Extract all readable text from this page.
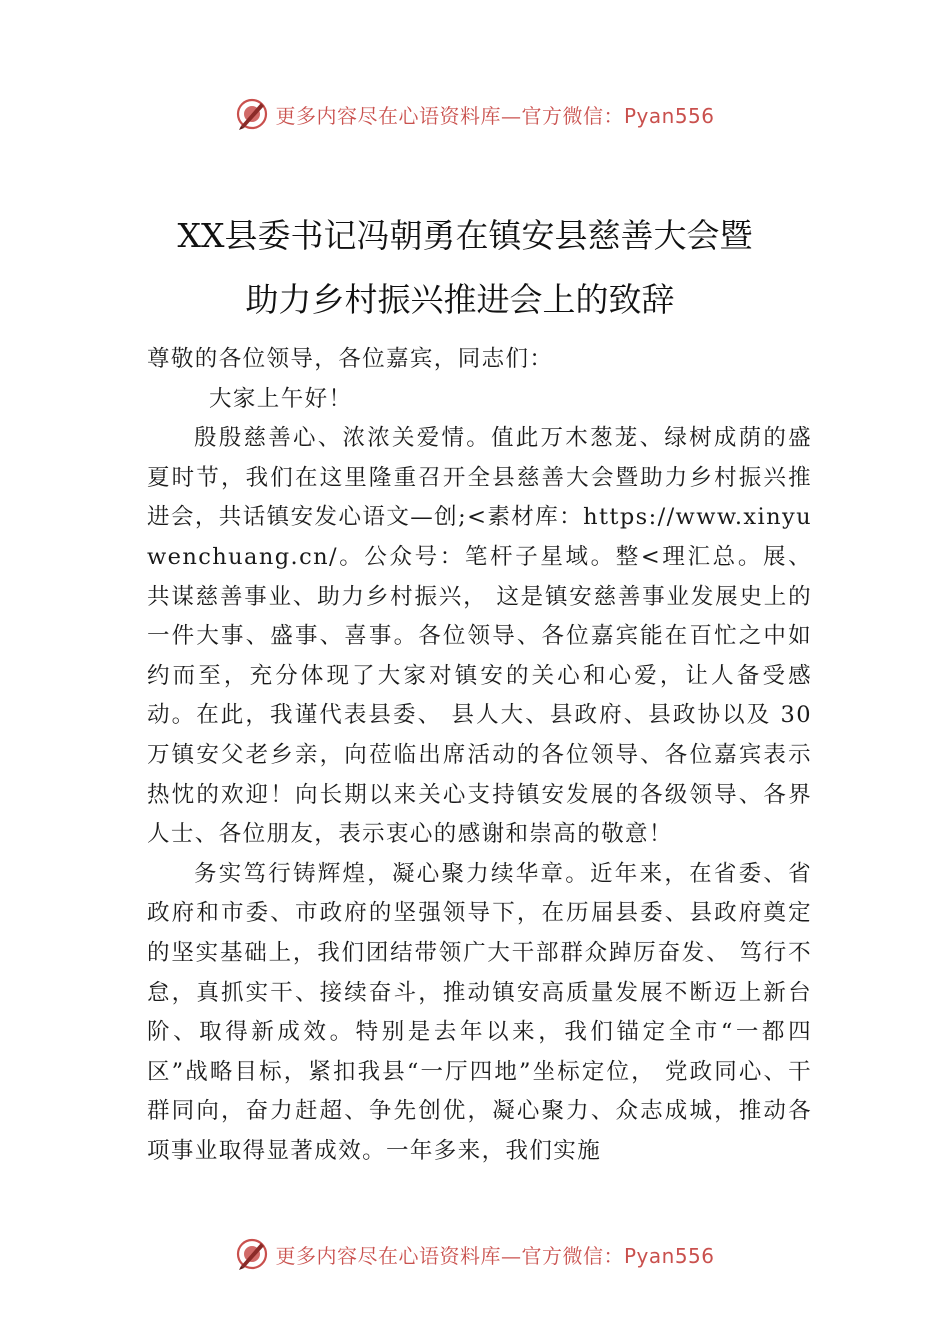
更多内容尽在心语资料库—官方微信：Pyan556
XX县委书记冯朝勇在镇安县慈善大会暨
助力乡村振兴推进会上的致辞

尊敬的各位领导，各位嘉宾，同志们：

大家上午好！

殷殷慈善心、浓浓关爱情。值此万木葱茏、绿树成荫的盛夏时节，我们在这里隆重召开全县慈善大会暨助力乡村振兴推进会，共话镇安发心语文—创;<素材库：https://www.xinyuwenchuang.cn/。公众号：笔杆子星域。整<理汇总。展、共谋慈善事业、助力乡村振兴， 这是镇安慈善事业发展史上的一件大事、盛事、喜事。各位领导、各位嘉宾能在百忙之中如约而至，充分体现了大家对镇安的关心和心爱，让人备受感动。在此，我谨代表县委、 县人大、县政府、县政协以及 30 万镇安父老乡亲，向莅临出席活动的各位领导、各位嘉宾表示热忱的欢迎！向长期以来关心支持镇安发展的各级领导、各界人士、各位朋友，表示衷心的感谢和崇高的敬意！

务实笃行铸辉煌，凝心聚力续华章。近年来，在省委、省政府和市委、市政府的坚强领导下，在历届县委、县政府奠定的坚实基础上，我们团结带领广大干部群众踔厉奋发、 笃行不怠，真抓实干、接续奋斗，推动镇安高质量发展不断迈上新台阶、取得新成效。特别是去年以来，我们锚定全市“一都四区”战略目标，紧扣我县“一厅四地”坐标定位， 党政同心、干群同向，奋力赶超、争先创优，凝心聚力、众志成城，推动各项事业取得显著成效。一年多来，我们实施

更多内容尽在心语资料库—官方微信：Pyan556
